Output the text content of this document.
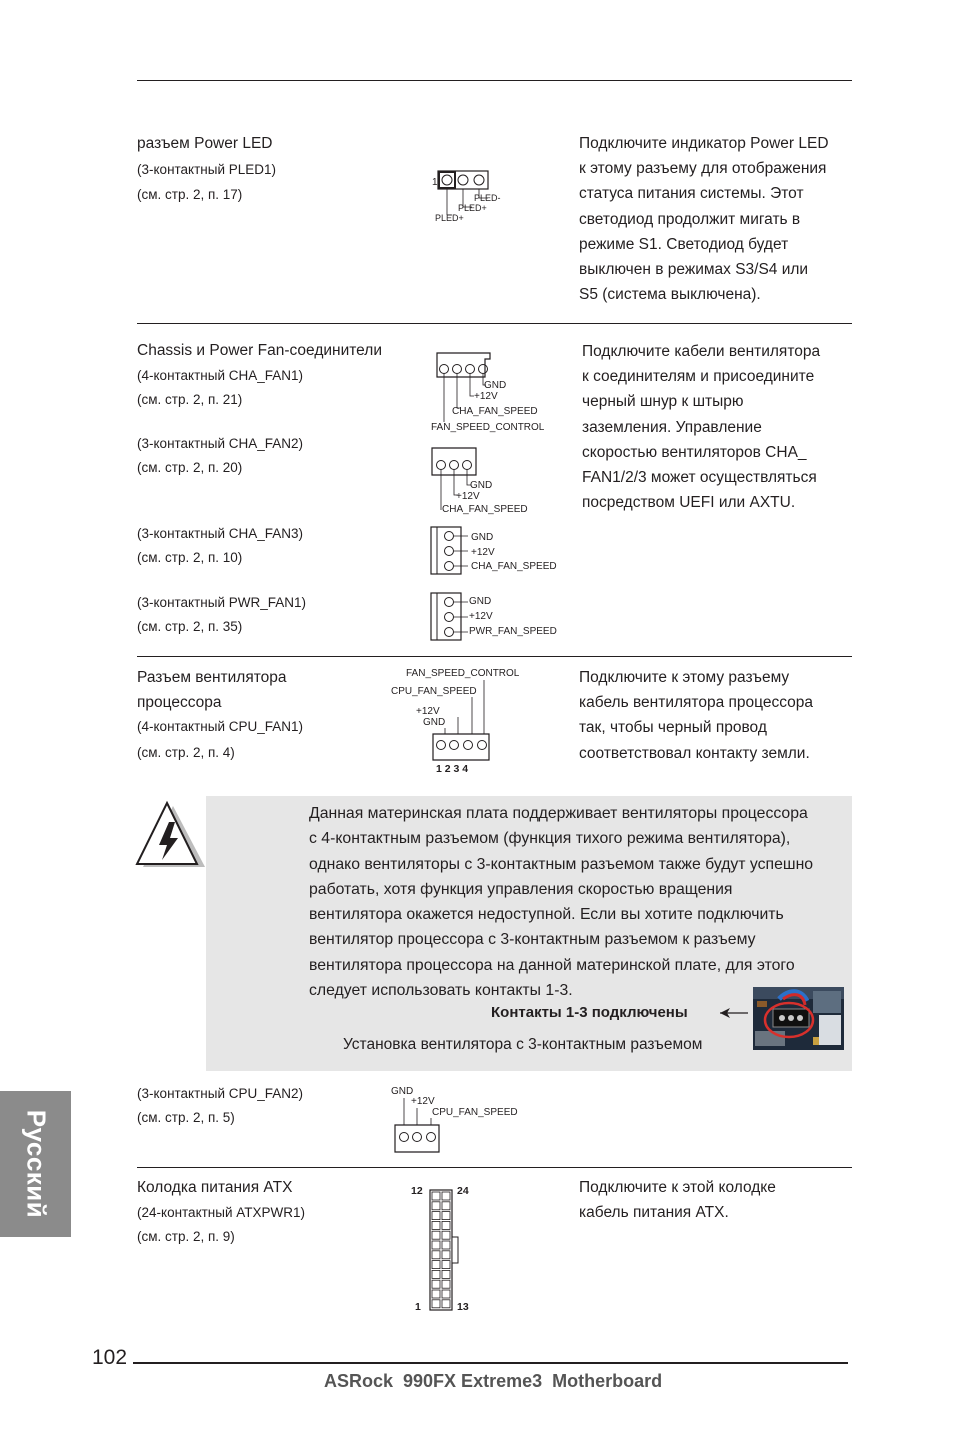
разъем Power LED
(3-контактный PLED1)
(см. стр. 2, п. 17)
Подключите индикатор Power LED
к этому разъему для отображения
статуса питания системы. Этот
светодиод продолжит мигать в
режиме S1. Светодиод будет
выключен в режимах S3/S4 или
S5 (система выключена).
1
PLED-
PLED+
PLED+
Chassis и Power Fan-соединители
(4-контактный CHA_FAN1)
(см. стр. 2, п. 21)
(3-контактный CHA_FAN2)
(см. стр. 2, п. 20)
(3-контактный CHA_FAN3)
(см. стр. 2, п. 10)
(3-контактный PWR_FAN1)
(см. стр. 2, п. 35)
Подключите кабели вентилятора
к соединителям и присоедините
черный шнур к штырю
заземления. Управление
скоростью вентиляторов CHA_
FAN1/2/3 может осуществляться
посредством UEFI или AXTU.
GND
+12V
CHA_FAN_SPEED
FAN_SPEED_CONTROL
GND
+12V
CHA_FAN_SPEED
GND
+12V
CHA_FAN_SPEED
GND
+12V
PWR_FAN_SPEED
Разъем вентилятора
процессора
(4-контактный CPU_FAN1)
(см. стр. 2, п. 4)
Подключите к этому разъему
кабель вентилятора процессора
так, чтобы черный провод
соответствовал контакту земли.
FAN_SPEED_CONTROL
CPU_FAN_SPEED
+12V
GND
1 2 3 4
Данная материнская плата поддерживает вентиляторы процессора
с 4-контактным разъемом (функция тихого режима вентилятора),
однако вентиляторы с 3-контактным разъемом также будут успешно
работать, хотя функция управления скоростью вращения
вентилятора окажется недоступной. Если вы хотите подключить
вентилятор процессора с 3-контактным разъемом к разъему
вентилятора процессора на данной материнской плате, для этого
следует использовать контакты 1-3.
Контакты 1-3 подключены
Установка вентилятора с 3-контактным разъемом
(3-контактный CPU_FAN2)
(см. стр. 2, п. 5)
GND
+12V
CPU_FAN_SPEED
Колодка питания ATX
(24-контактный ATXPWR1)
(см. стр. 2, п. 9)
Подключите к этой колодке
кабель питания ATX.
12	24
1	13
102
ASRock  990FX Extreme3  Motherboard
Русский
